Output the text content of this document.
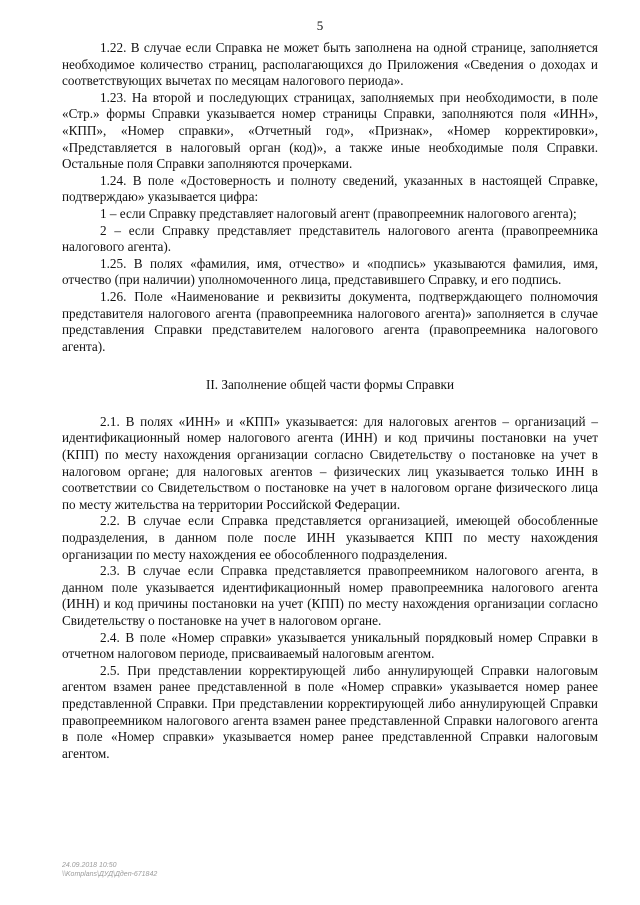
5

1.22. В случае если Справка не может быть заполнена на одной странице, заполняется необходимое количество страниц, располагающихся до Приложения «Сведения о доходах и соответствующих вычетах по месяцам налогового периода».

1.23. На второй и последующих страницах, заполняемых при необходимости, в поле «Стр.» формы Справки указывается номер страницы Справки, заполняются поля «ИНН», «КПП», «Номер справки», «Отчетный год», «Признак», «Номер корректировки», «Представляется в налоговый орган (код)», а также иные необходимые поля Справки. Остальные поля Справки заполняются прочерками.

1.24. В поле «Достоверность и полноту сведений, указанных в настоящей Справке, подтверждаю» указывается цифра:

1 – если Справку представляет налоговый агент (правопреемник налогового агента);

2 – если Справку представляет представитель налогового агента (правопреемника налогового агента).

1.25. В полях «фамилия, имя, отчество» и «подпись» указываются фамилия, имя, отчество (при наличии) уполномоченного лица, представившего Справку, и его подпись.

1.26. Поле «Наименование и реквизиты документа, подтверждающего полномочия представителя налогового агента (правопреемника налогового агента)» заполняется в случае представления Справки представителем налогового агента (правопреемника налогового агента).

II. Заполнение общей части формы Справки

2.1. В полях «ИНН» и «КПП» указывается: для налоговых агентов – организаций – идентификационный номер налогового агента (ИНН) и код причины постановки на учет (КПП) по месту нахождения организации согласно Свидетельству о постановке на учет в налоговом органе; для налоговых агентов – физических лиц указывается только ИНН в соответствии со Свидетельством о постановке на учет в налоговом органе физического лица по месту жительства на территории Российской Федерации.

2.2. В случае если Справка представляется организацией, имеющей обособленные подразделения, в данном поле после ИНН указывается КПП по месту нахождения организации по месту нахождения ее обособленного подразделения.

2.3. В случае если Справка представляется правопреемником налогового агента, в данном поле указывается идентификационный номер правопреемника налогового агента (ИНН) и код причины постановки на учет (КПП) по месту нахождения организации согласно Свидетельству о постановке на учет в налоговом органе.

2.4. В поле «Номер справки» указывается уникальный порядковый номер Справки в отчетном налоговом периоде, присваиваемый налоговым агентом.

2.5. При представлении корректирующей либо аннулирующей Справки налоговым агентом взамен ранее представленной в поле «Номер справки» указывается номер ранее представленной Справки. При представлении корректирующей либо аннулирующей Справки правопреемником налогового агента взамен ранее представленной Справки налогового агента в поле «Номер справки» указывается номер ранее представленной Справки налоговым агентом.

24.09.2018 10:50
\\Komplans\ДУД\Ддеп-671842
